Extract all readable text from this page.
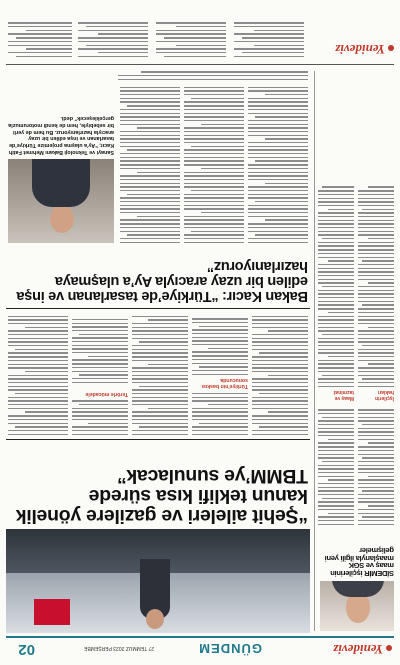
Yenideviz
GÜNDEM
27 TEMMUZ 2023 PERŞEMBE
02
SİDEMİR işçilerinin maaş ve SGK maaşlarıyla ilgili yeni gelişmeler
İşçilerin hakları
Maaş ve tazminat
“Şehit aileleri ve gazilere yönelik kanun teklifi kısa sürede TBMM’ye sunulacak”
Türkiye'nin baskısı sonucunda
Terörle mücadele
Bakan Kacır: “Türkiye’de tasarlanan ve inşa edilen bir uzay aracıyla Ay’a ulaşmaya hazırlanıyoruz”
Sanayi ve Teknoloji Bakanı Mehmet Fatih Kacır, “Ay'a ulaşma projemize Türkiye’de tasarlanan ve inşa edilen bir uzay aracıyla hazırlanıyoruz. Bu hem de yerli bir sebebiyle, hem de kendi motorumuzla gerçekleşecek” dedi.
Yenideviz
